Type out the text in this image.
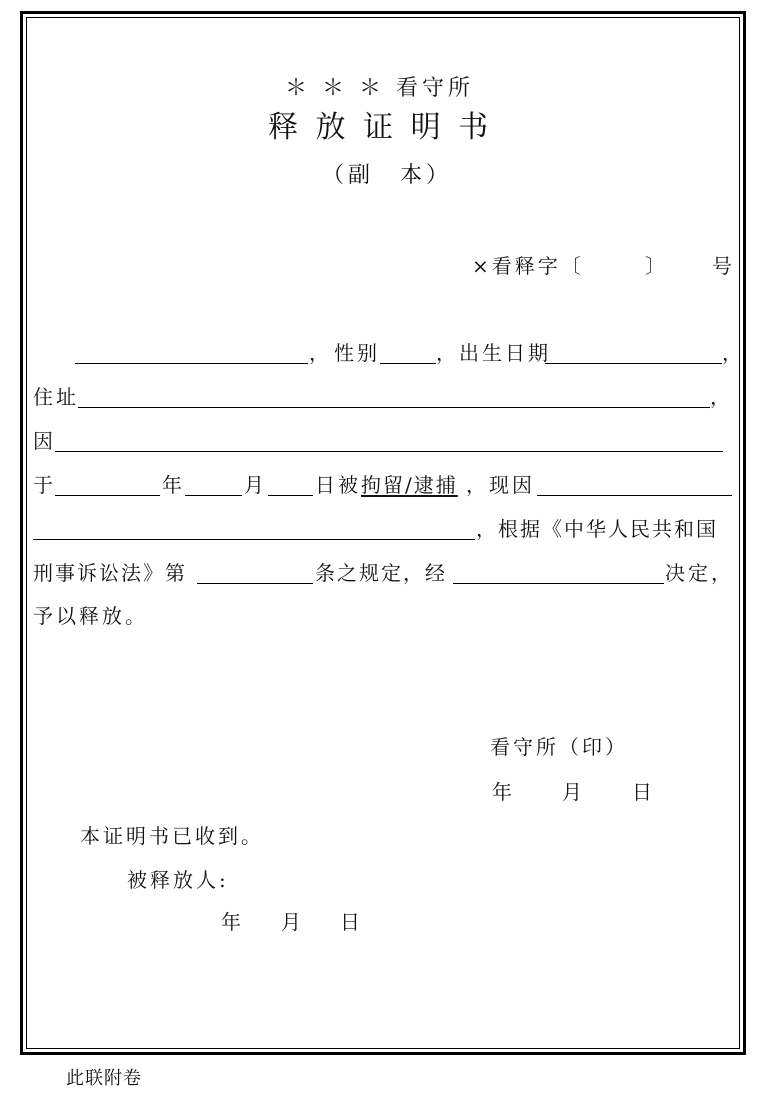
＊ ＊ ＊ 看守所
释 放 证 明 书
（副　本）
×看释字〔	〕 号
， 性别	，出生日期	，
住址	，
因
于	年	月 日被 拘留/逮捕 ，现因
，根据《中华人民共和国
刑事诉讼法》第	条之规定，经	决定，
予以释放。
看守所（印）
年 月 日
本证明书已收到。
被释放人:
年 月 日
此联附卷
